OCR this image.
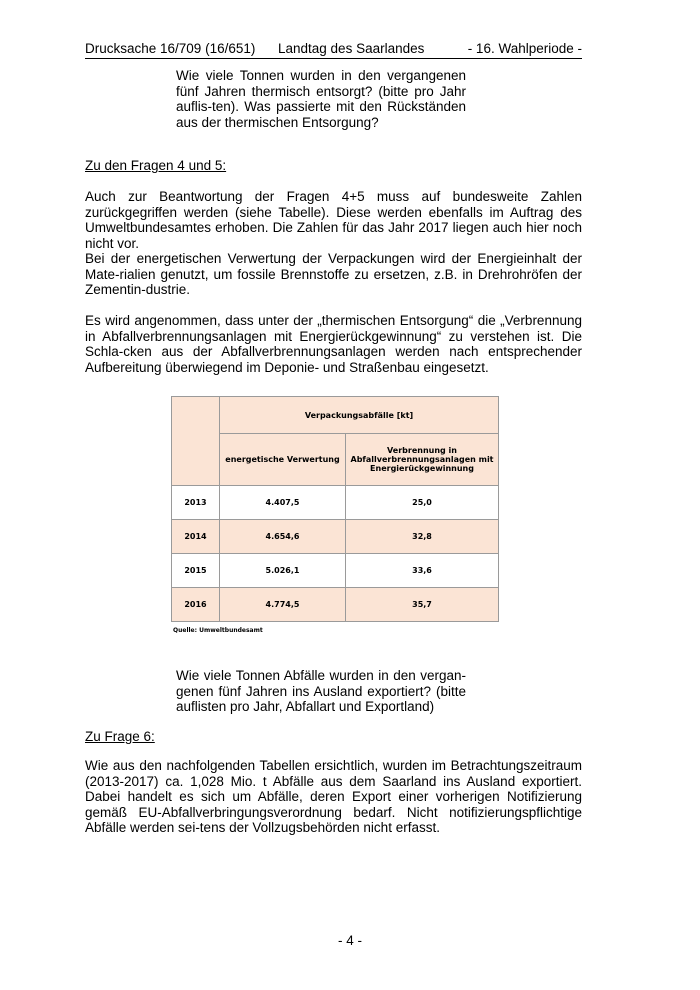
Drucksache 16/709 (16/651) Landtag des Saarlandes	- 16. Wahlperiode -

Wie viele Tonnen wurden in den vergangenen fünf Jahren thermisch entsorgt? (bitte pro Jahr auflis-ten). Was passierte mit den Rückständen aus der thermischen Entsorgung?

Zu den Fragen 4 und 5:

Auch zur Beantwortung der Fragen 4+5 muss auf bundesweite Zahlen zurückgegriffen werden (siehe Tabelle). Diese werden ebenfalls im Auftrag des Umweltbundesamtes erhoben. Die Zahlen für das Jahr 2017 liegen auch hier noch nicht vor.

Bei der energetischen Verwertung der Verpackungen wird der Energieinhalt der Mate-rialien genutzt, um fossile Brennstoffe zu ersetzen, z.B. in Drehrohröfen der Zementin-dustrie.

Es wird angenommen, dass unter der „thermischen Entsorgung“ die „Verbrennung in Abfallverbrennungsanlagen mit Energierückgewinnung“ zu verstehen ist. Die Schla-cken aus der Abfallverbrennungsanlagen werden nach entsprechender Aufbereitung überwiegend im Deponie- und Straßenbau eingesetzt.

	Verpackungsabfälle [kt]	
	energetische Verwertung	Verbrennung in Abfallverbrennungsanlagen mit Energierückgewinnung
2013	4.407,5	25,0
2014	4.654,6	32,8
2015	5.026,1	33,6
2016	4.774,5	35,7
Quelle: Umweltbundesamt

Wie viele Tonnen Abfälle wurden in den vergan-genen fünf Jahren ins Ausland exportiert? (bitte auflisten pro Jahr, Abfallart und Exportland)

Zu Frage 6:

Wie aus den nachfolgenden Tabellen ersichtlich, wurden im Betrachtungszeitraum (2013-2017) ca. 1,028 Mio. t Abfälle aus dem Saarland ins Ausland exportiert. Dabei handelt es sich um Abfälle, deren Export einer vorherigen Notifizierung gemäß EU-Abfallverbringungsverordnung bedarf. Nicht notifizierungspflichtige Abfälle werden sei-tens der Vollzugsbehörden nicht erfasst.

- 4 -
